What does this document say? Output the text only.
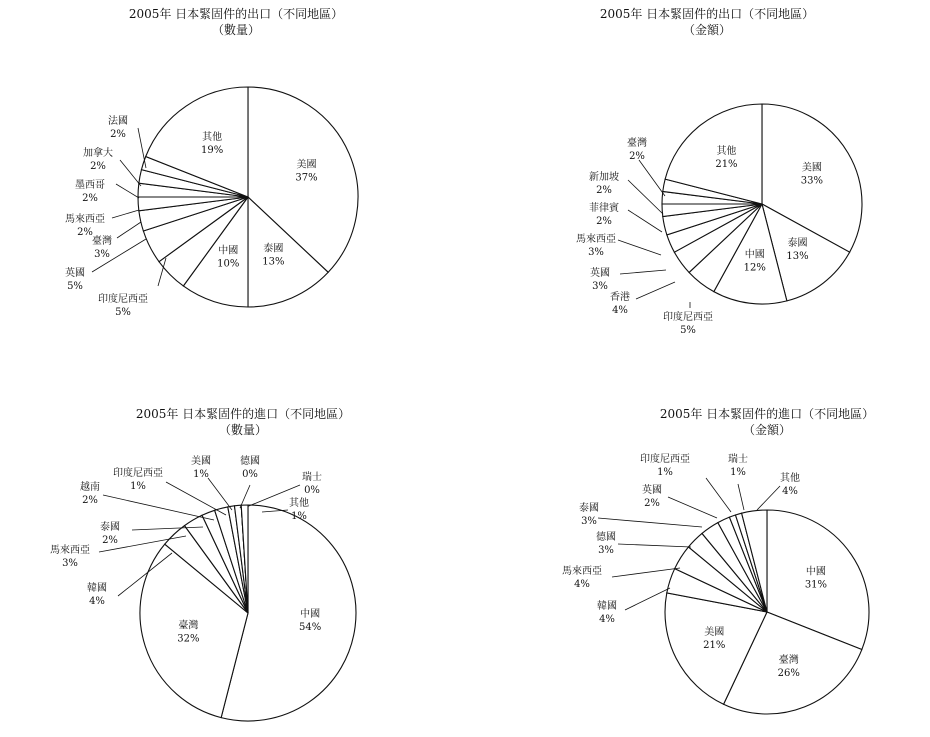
2005年 日本緊固件的出口（不同地區）
（數量）
美國
37%
泰國
13%
中國
10%
印度尼西亞
5%
英國
5%
臺灣
3%
馬來西亞
2%
墨西哥
2%
加拿大
2%
法國
2%	其他
19%
2005年 日本緊固件的出口（不同地區）
（金額）
美國
33%
泰國
13%
中國
12%
印度尼西亞
5%
香港
4%
英國
3%
馬來西亞
3%
菲律賓
2%
新加坡
2%
臺灣
2%	其他
21%
2005年 日本緊固件的進口（不同地區）
（數量）
中國
54%
臺灣
32%
韓國
4%
馬來西亞
3%
泰國
2%
越南
2%
印度尼西亞
1%
美國
1%
德國
0%	瑞士
0%
其他
1%
2005年 日本緊固件的進口（不同地區）
（金額）
中國
31%
臺灣
26%
美國
21%
韓國
4%
馬來西亞
4%
德國
3%
泰國
3%
英國
2%
印度尼西亞
1%
瑞士
1%
其他
4%
